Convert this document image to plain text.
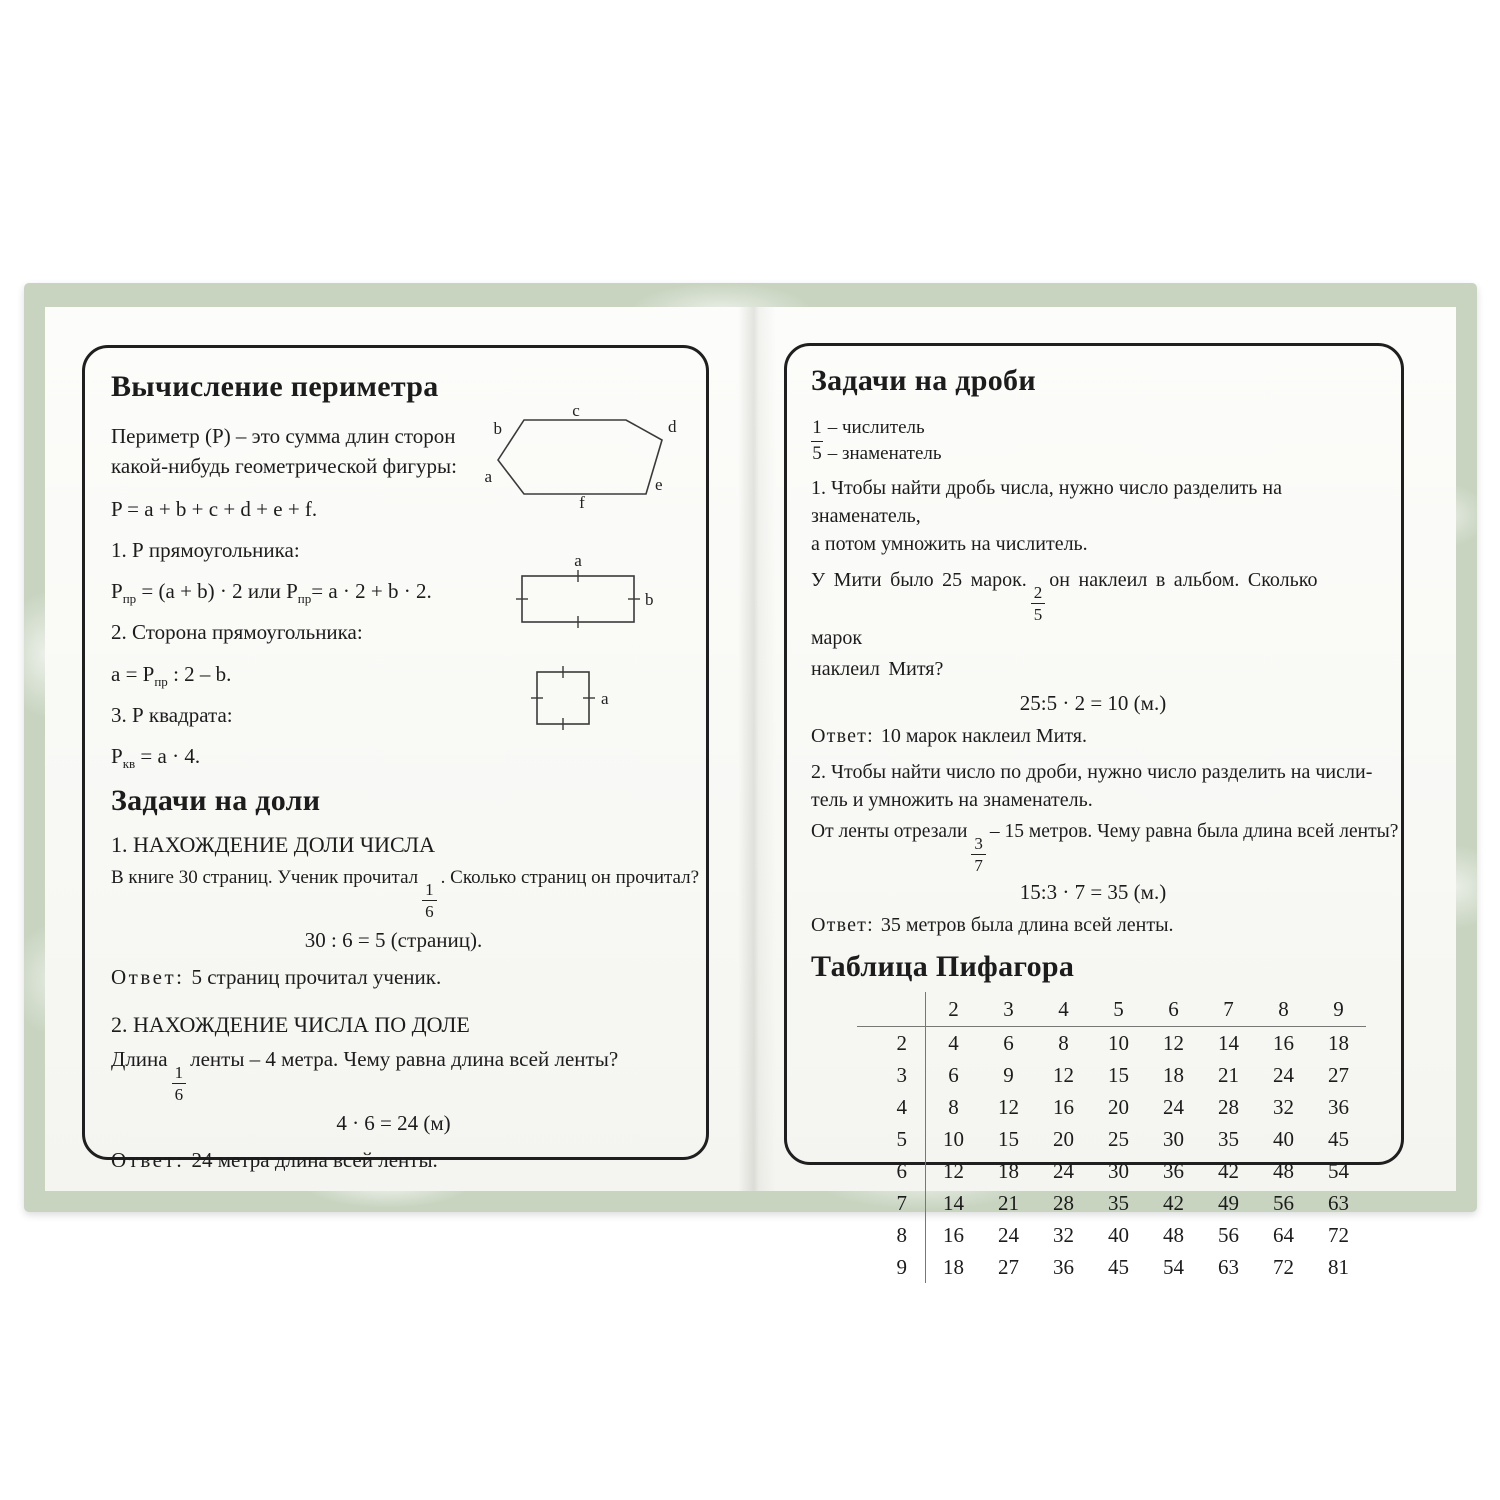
Вычисление периметра

Периметр (Р) – это сумма длин сторон какой-нибудь геометрической фигуры:

P = a + b + c + d + e + f.

1. Р прямоугольника:

$P_{пр} = (a + b) \cdot 2$ или $P_{пр}= a \cdot 2 + b \cdot 2$.

2. Сторона прямоугольника:

$a = P_{пр}$ : 2 – b.

3. Р квадрата:

$P_{кв} = a \cdot 4$.

Задачи на доли

1. НАХОЖДЕНИЕ ДОЛИ ЧИСЛА

В книге 30 страниц. Ученик прочитал
$\frac{1}{6}$
. Сколько страниц он прочитал?

30 : 6 = 5 (страниц).

Ответ: 5 страниц прочитал ученик.

2. НАХОЖДЕНИЕ ЧИСЛА ПО ДОЛЕ

Длина
$\frac{1}{6}$
ленты – 4 метра. Чему равна длина всей ленты?

4 · 6 = 24 (м)

Ответ: 24 метра длина всей ленты.

c
b	d
a	e
f
a
b
a

Задачи на дроби

1 – числитель
5 – знаменатель

1. Чтобы найти дробь числа, нужно число разделить на знаменатель,
а потом умножить на числитель.

У Мити было 25 марок.
$\frac{2}{5}$
он наклеил в альбом. Сколько марок
наклеил Митя?

25:5 · 2 = 10 (м.)

Ответ: 10 марок наклеил Митя.

2. Чтобы найти число по дроби, нужно число разделить на числи-
тель и умножить на знаменатель.

От ленты отрезали
$\frac{3}{7}$
– 15 метров. Чему равна была длина всей ленты?

15:3 · 7 = 35 (м.)

Ответ: 35 метров была длина всей ленты.

Таблица Пифагора

	2	3	4	5	6	7	8	9
2	4	6	8	10	12	14	16	18
3	6	9	12	15	18	21	24	27
4	8	12	16	20	24	28	32	36
5	10	15	20	25	30	35	40	45
6	12	18	24	30	36	42	48	54
7	14	21	28	35	42	49	56	63
8	16	24	32	40	48	56	64	72
9	18	27	36	45	54	63	72	81
